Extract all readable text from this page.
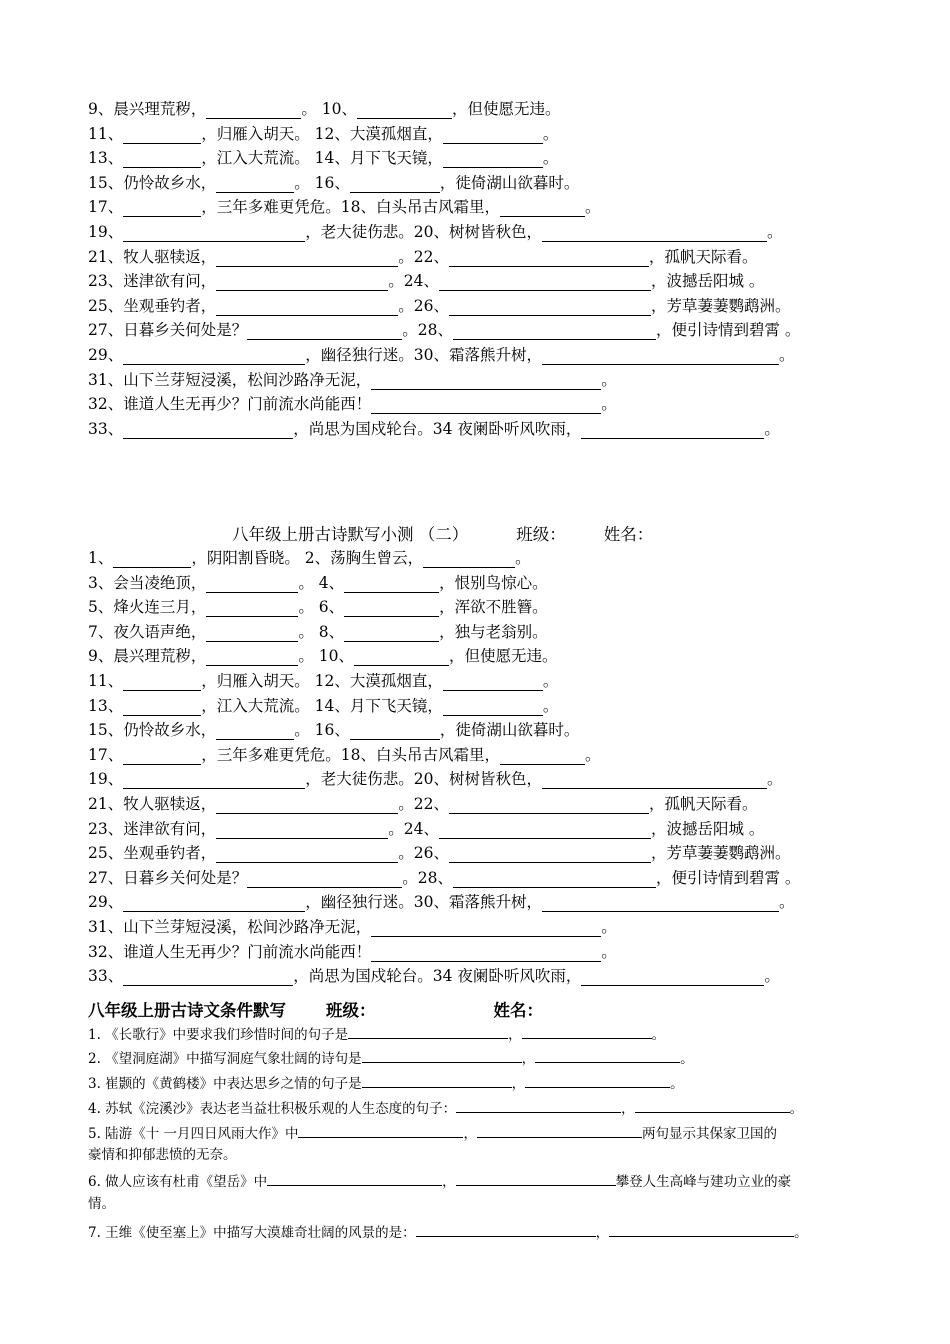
9、晨兴理荒秽，	。 10、	，但使愿无违。
11、	，归雁入胡天。 12、大漠孤烟直，	。
13、	，江入大荒流。 14、月下飞天镜，	。
15、仍怜故乡水，	。 16、	，徙倚湖山欲暮时。
17、	，三年多难更凭危。18、白头吊古风霜里，	。
19、	，老大徒伤悲。20、树树皆秋色，	。
21、牧人驱犊返，	。22、	，孤帆天际看。
23、迷津欲有问，	。24、	，波撼岳阳城 。
25、坐观垂钓者，	。26、	，芳草萋萋鹦鹉洲。
27、日暮乡关何处是？	。28、	，便引诗情到碧霄 。
29、	，幽径独行迷。30、霜落熊升树，	。
31、山下兰芽短浸溪，松间沙路净无泥，	。
32、谁道人生无再少？门前流水尚能西！	。
33、	，尚思为国戍轮台。34 夜阑卧听风吹雨，	。
八年级上册古诗默写小测 （二）	班级： 姓名：
1、	，阴阳割昏晓。 2、荡胸生曾云，	。
3、会当凌绝顶，	。 4、	，恨别鸟惊心。
5、烽火连三月，	。 6、	，浑欲不胜簪。
7、夜久语声绝，	。 8、	，独与老翁别。
9、晨兴理荒秽，	。 10、	，但使愿无违。
11、	，归雁入胡天。 12、大漠孤烟直，	。
13、	，江入大荒流。 14、月下飞天镜，	。
15、仍怜故乡水，	。 16、	，徙倚湖山欲暮时。
17、	，三年多难更凭危。18、白头吊古风霜里，	。
19、	，老大徒伤悲。20、树树皆秋色，	。
21、牧人驱犊返，	。22、	，孤帆天际看。
23、迷津欲有问，	。24、	，波撼岳阳城 。
25、坐观垂钓者，	。26、	，芳草萋萋鹦鹉洲。
27、日暮乡关何处是？	。28、	，便引诗情到碧霄 。
29、	，幽径独行迷。30、霜落熊升树，	。
31、山下兰芽短浸溪，松间沙路净无泥，	。
32、谁道人生无再少？门前流水尚能西！	。
33、	，尚思为国戍轮台。34 夜阑卧听风吹雨，	。
八年级上册古诗文条件默写 班级：	姓名：
1. 《长歌行》中要求我们珍惜时间的句子是	，	。
2. 《望洞庭湖》中描写洞庭气象壮阔的诗句是	，	。
3. 崔颢的《黄鹤楼》中表达思乡之情的句子是	，	。
4. 苏轼《浣溪沙》表达老当益壮积极乐观的人生态度的句子：	，	。
5. 陆游《十 一月四日风雨大作》中	，	两句显示其保家卫国的
豪情和抑郁悲愤的无奈。
6. 做人应该有杜甫《望岳》中	，	攀登人生高峰与建功立业的豪
情。
7. 王维《使至塞上》中描写大漠雄奇壮阔的风景的是：	，	。
